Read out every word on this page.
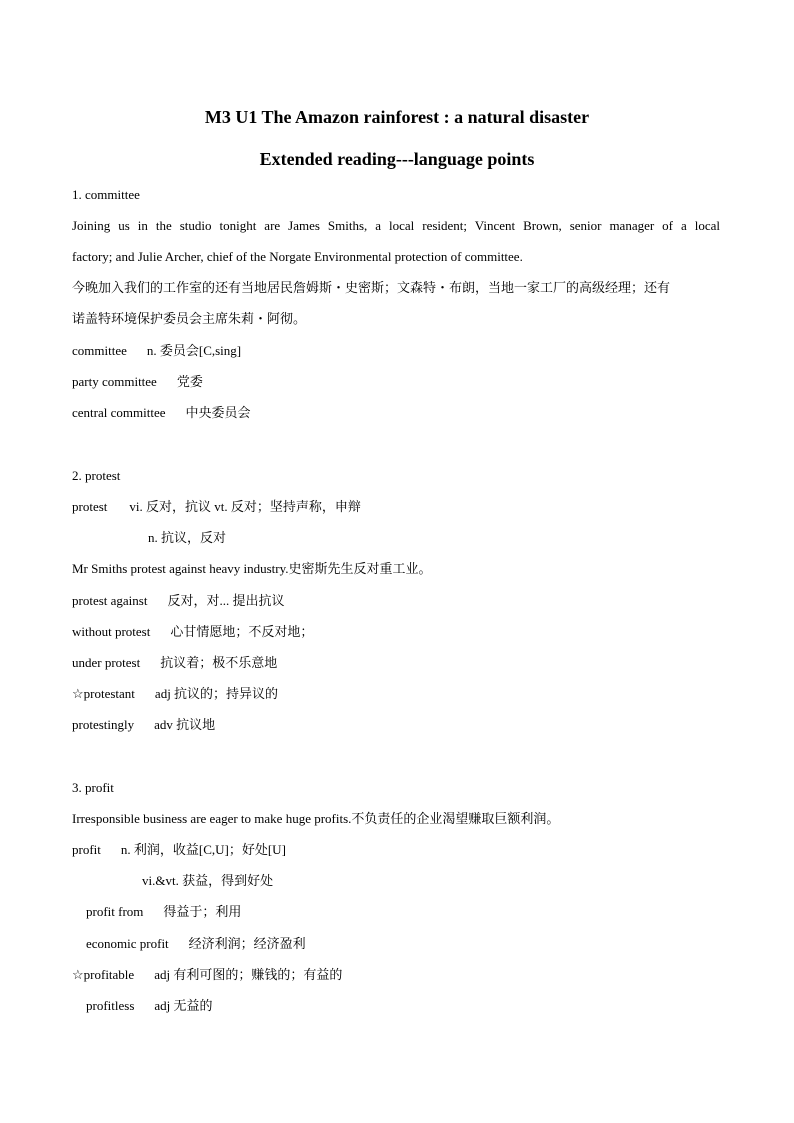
M3 U1 The Amazon rainforest : a natural disaster
Extended reading---language points
1. committee
Joining us in the studio tonight are James Smiths, a local resident; Vincent Brown, senior manager of a local
factory; and Julie Archer, chief of the Norgate Environmental protection of committee.
今晚加入我们的工作室的还有当地居民詹姆斯・史密斯；文森特・布朗，当地一家工厂的高级经理；还有
诺盖特环境保护委员会主席朱莉・阿彻。
committee n. 委员会[C,sing]
party committee 党委
central committee 中央委员会
2. protest
protest vi. 反对，抗议 vt. 反对；坚持声称，申辩
n. 抗议，反对
Mr Smiths protest against heavy industry.史密斯先生反对重工业。
protest against 反对，对... 提出抗议
without protest 心甘情愿地；不反对地；
under protest 抗议着；极不乐意地
☆protestant adj 抗议的；持异议的
protestingly adv 抗议地
3. profit
Irresponsible business are eager to make huge profits.不负责任的企业渴望赚取巨额利润。
profit n. 利润，收益[C,U]；好处[U]
vi.&vt. 获益，得到好处
profit from 得益于；利用
economic profit 经济利润；经济盈利
☆profitable adj 有利可图的；赚钱的；有益的
profitless adj 无益的
